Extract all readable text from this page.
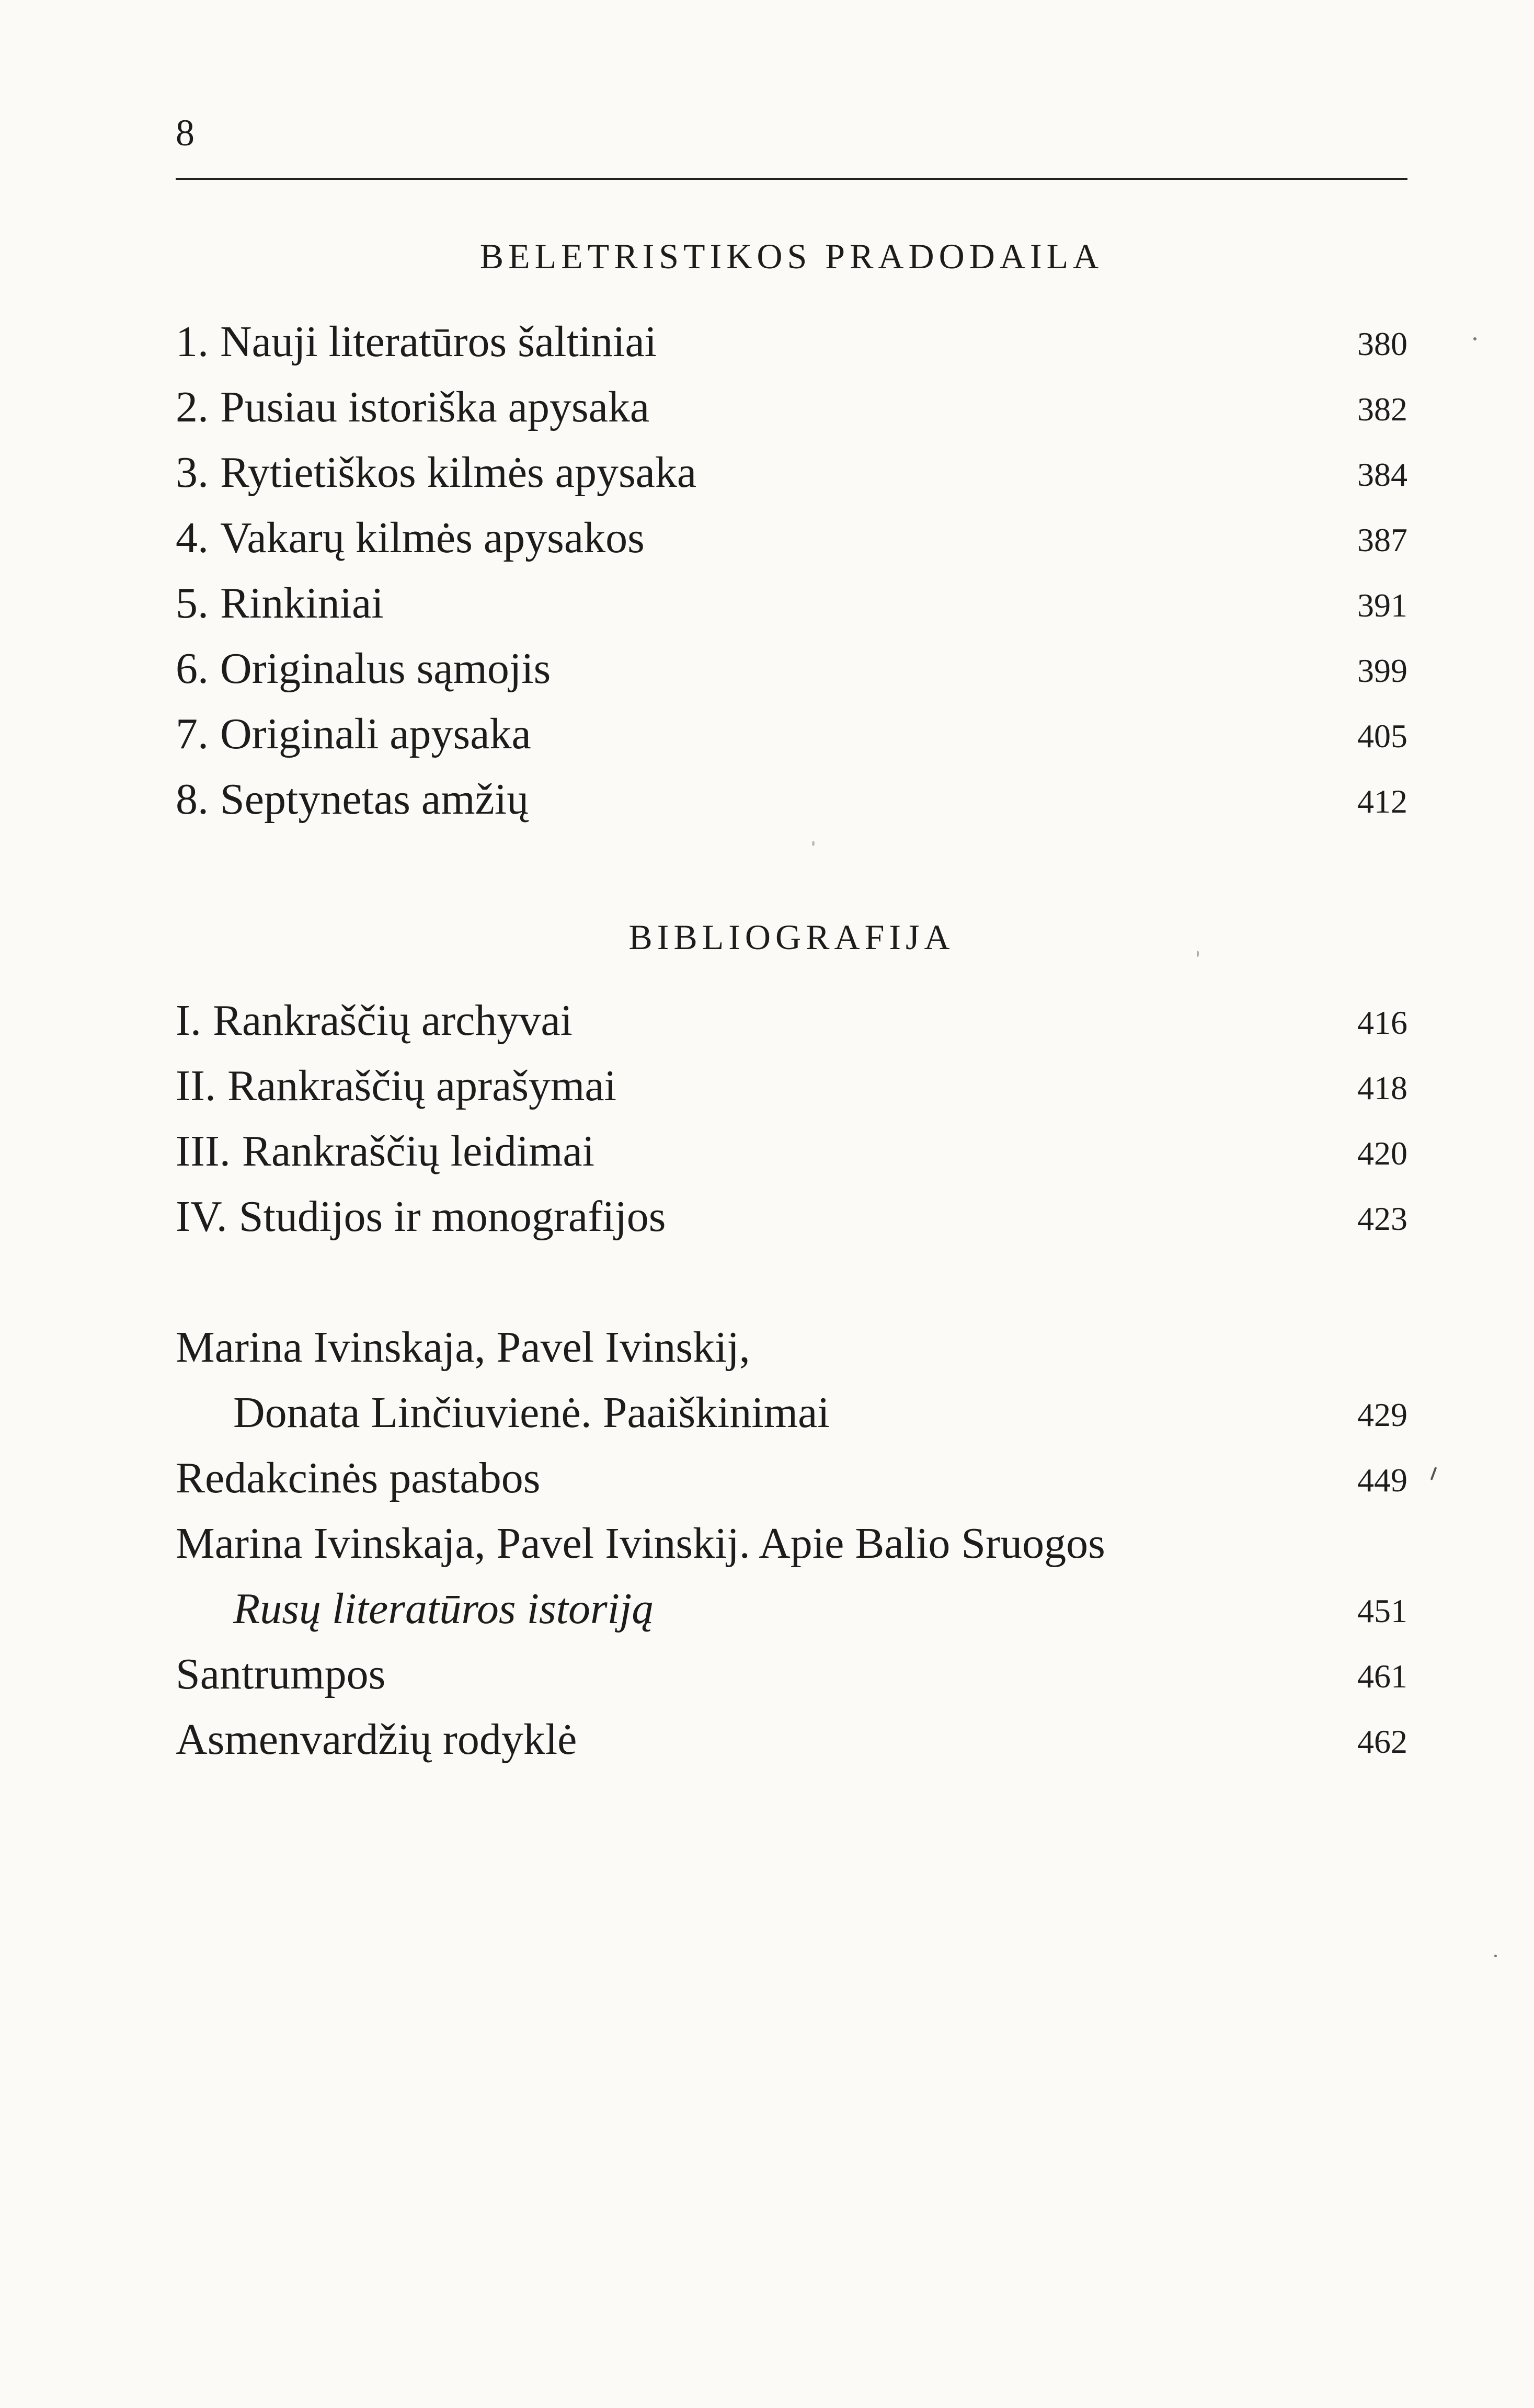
8
BELETRISTIKOS PRADODAILA
1. Nauji literatūros šaltiniai	380
2. Pusiau istoriška apysaka	382
3. Rytietiškos kilmės apysaka	384
4. Vakarų kilmės apysakos	387
5. Rinkiniai	391
6. Originalus sąmojis	399
7. Originali apysaka	405
8. Septynetas amžių	412
BIBLIOGRAFIJA
I. Rankraščių archyvai	416
II. Rankraščių aprašymai	418
III. Rankraščių leidimai	420
IV. Studijos ir monografijos	423
Marina Ivinskaja, Pavel Ivinskij,
Donata Linčiuvienė. Paaiškinimai	429
Redakcinės pastabos	449
Marina Ivinskaja, Pavel Ivinskij. Apie Balio Sruogos
Rusų literatūros istoriją	451
Santrumpos	461
Asmenvardžių rodyklė	462
